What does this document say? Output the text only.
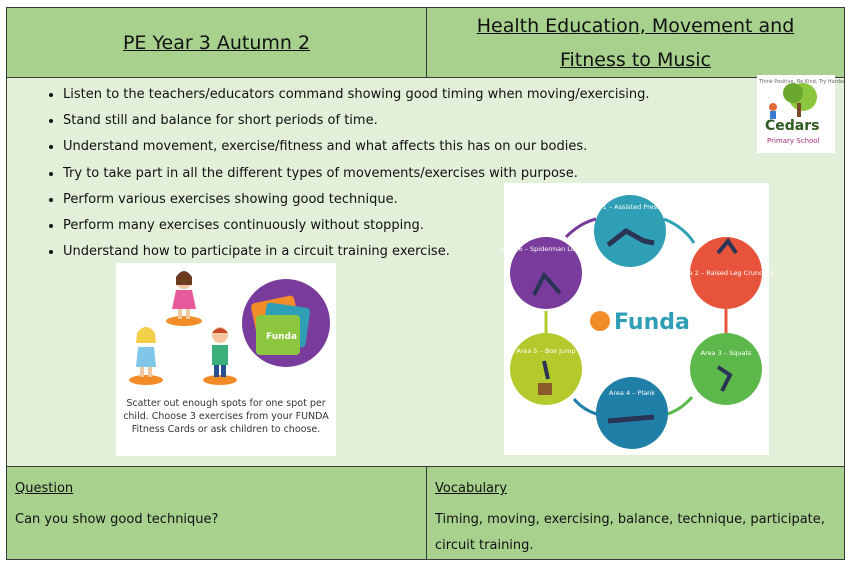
PE Year 3 Autumn 2
Health Education, Movement and Fitness to Music
• Listen to the teachers/educators command showing good timing when moving/exercising.
• Stand still and balance for short periods of time.
• Understand movement, exercise/fitness and what affects this has on our bodies.
• Try to take part in all the different types of movements/exercises with purpose.
• Perform various exercises showing good technique.
• Perform many exercises continuously without stopping.
• Understand how to participate in a circuit training exercise.
Question
Can you show good technique?
Vocabulary
Timing, moving, exercising, balance, technique, participate, circuit training.
Think Positive, Be Kind, Try Harder
Cedars
Primary School
Funda
Scatter out enough spots for one spot per child. Choose 3 exercises from your FUNDA Fitness Cards or ask children to choose.
Area 1 – Assisted Press-ups
Area 2 – Raised Leg Crunches
Area 3 – Squats
Area 4 – Plank
Area 5 – Box Jump
Area 6 – Spiderman Lunges
Funda
